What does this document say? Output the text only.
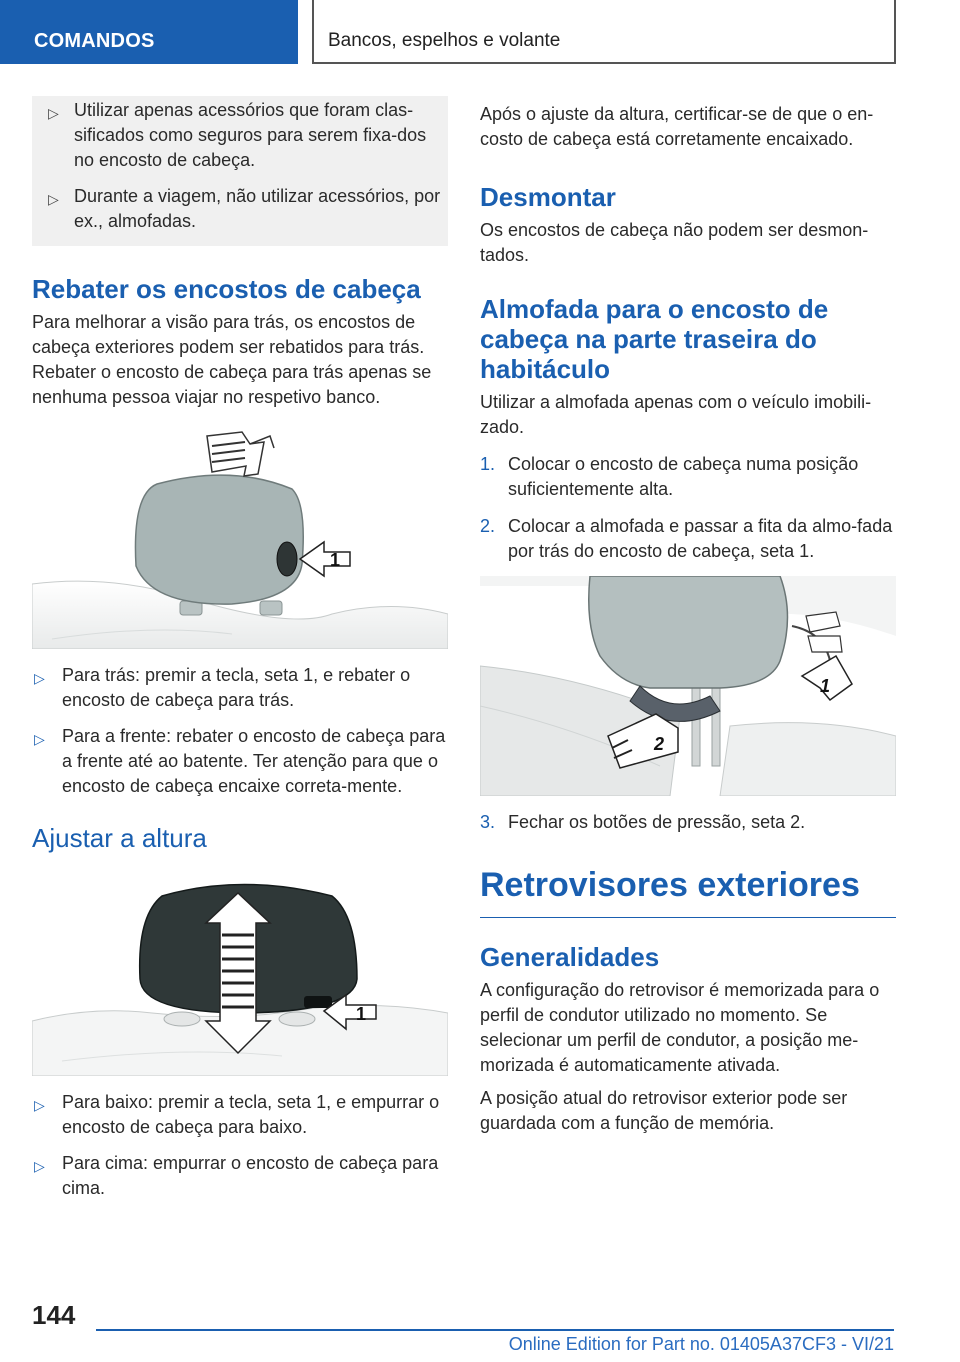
COMANDOS	Bancos, espelhos e volante
▷ Utilizar apenas acessórios que foram clas‐sificados como seguros para serem fixa‐dos no encosto de cabeça.
▷ Durante a viagem, não utilizar acessórios, por ex., almofadas.
Rebater os encostos de cabeça

Para melhorar a visão para trás, os encostos de cabeça exteriores podem ser rebatidos para trás. Rebater o encosto de cabeça para trás apenas se nenhuma pessoa viajar no respetivo banco.

1
▷ Para trás: premir a tecla, seta 1, e rebater o encosto de cabeça para trás.
▷ Para a frente: rebater o encosto de cabeça para a frente até ao batente. Ter atenção para que o encosto de cabeça encaixe correta‐mente.
Ajustar a altura
1
▷ Para baixo: premir a tecla, seta 1, e empurrar o encosto de cabeça para baixo.
▷ Para cima: empurrar o encosto de cabeça para cima.

Após o ajuste da altura, certificar-se de que o en‐costo de cabeça está corretamente encaixado.

Desmontar

Os encostos de cabeça não podem ser desmon‐tados.

Almofada para o encosto de cabeça na parte traseira do habitáculo

Utilizar a almofada apenas com o veículo imobili‐zado.

1. Colocar o encosto de cabeça numa posição suficientemente alta.
2. Colocar a almofada e passar a fita da almo‐fada por trás do encosto de cabeça, seta 1.
1
2
3. Fechar os botões de pressão, seta 2.
Retrovisores exteriores
Generalidades

A configuração do retrovisor é memorizada para o perfil de condutor utilizado no momento. Se selecionar um perfil de condutor, a posição me‐morizada é automaticamente ativada.

A posição atual do retrovisor exterior pode ser guardada com a função de memória.

144
Online Edition for Part no. 01405A37CF3 - VI/21
